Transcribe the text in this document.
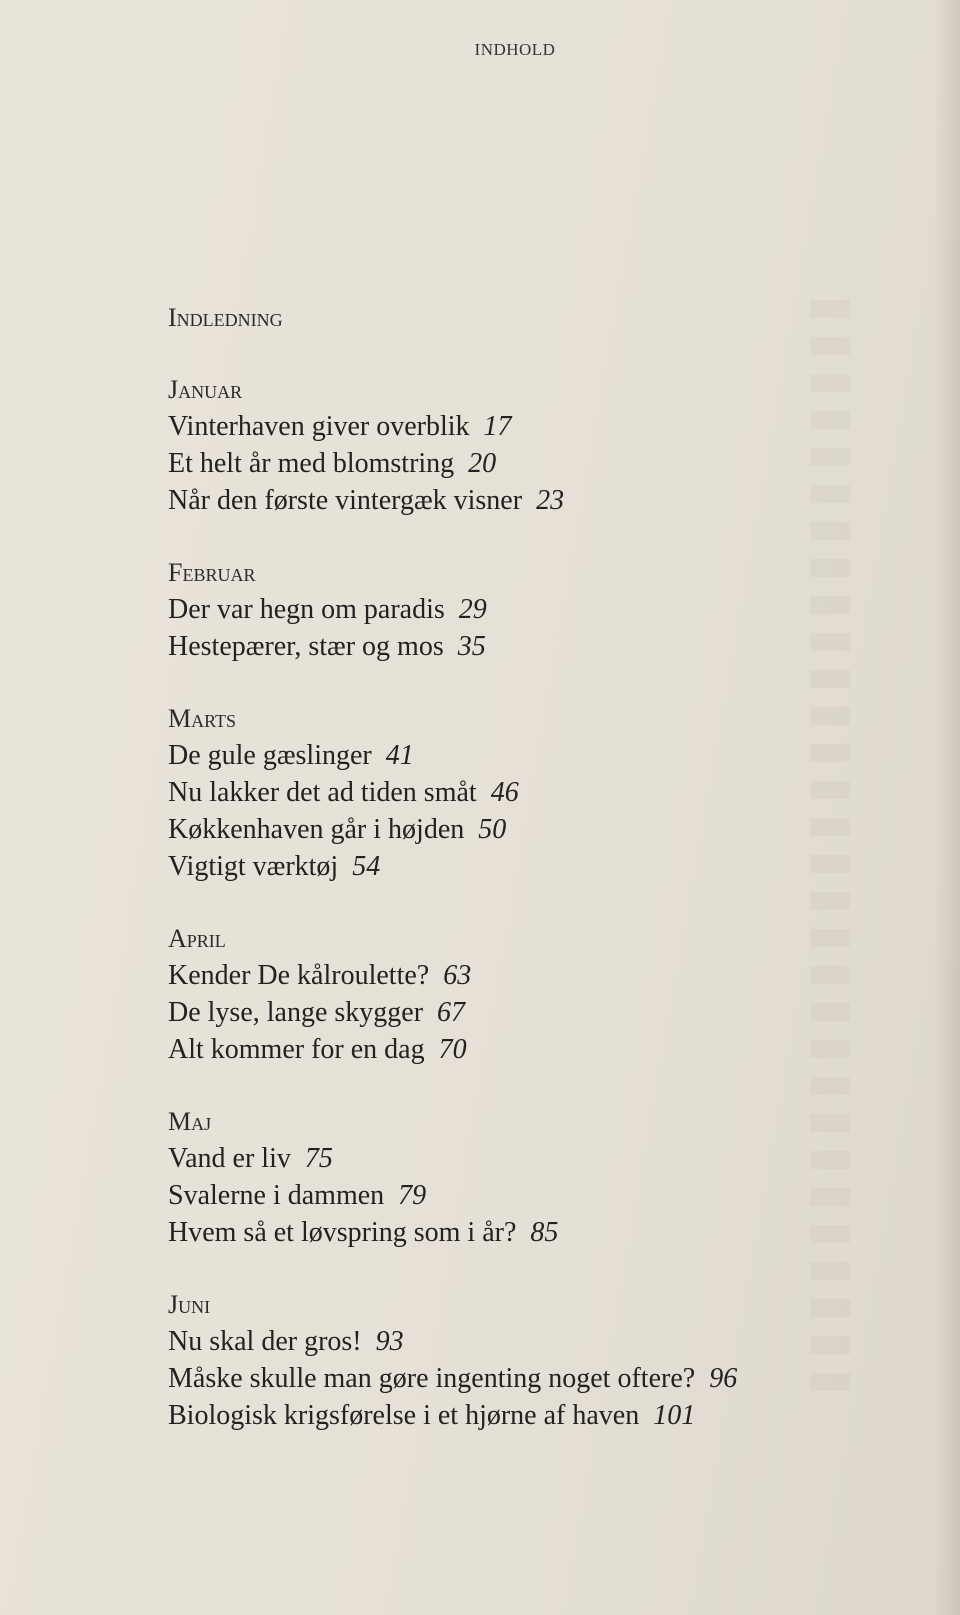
INDHOLD
Indledning
Januar
Vinterhaven giver overblik 17
Et helt år med blomstring 20
Når den første vintergæk visner 23
Februar
Der var hegn om paradis 29
Hestepærer, stær og mos 35
Marts
De gule gæslinger 41
Nu lakker det ad tiden småt 46
Køkkenhaven går i højden 50
Vigtigt værktøj 54
April
Kender De kålroulette? 63
De lyse, lange skygger 67
Alt kommer for en dag 70
Maj
Vand er liv 75
Svalerne i dammen 79
Hvem så et løvspring som i år? 85
Juni
Nu skal der gros! 93
Måske skulle man gøre ingenting noget oftere? 96
Biologisk krigsførelse i et hjørne af haven 101
